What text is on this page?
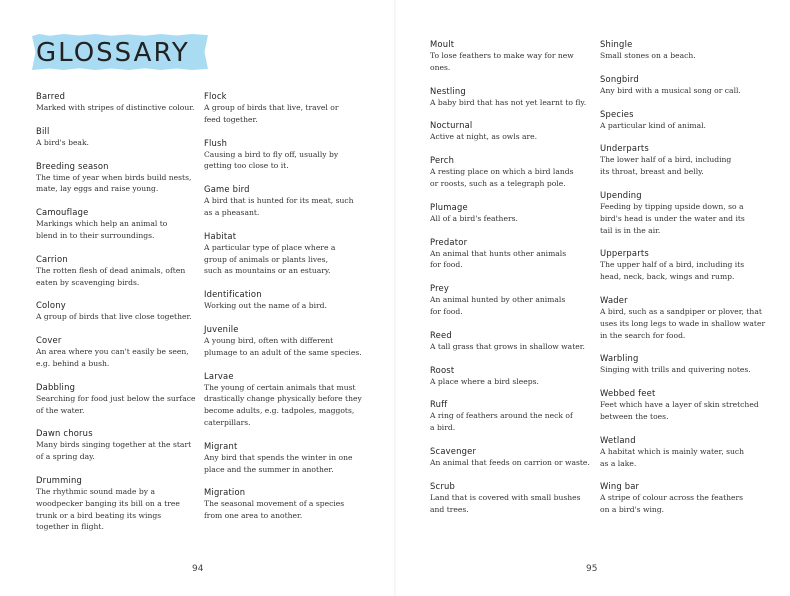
GLOSSARY
Barred
Marked with stripes of distinctive colour.
Bill
A bird's beak.
Breeding season
The time of year when birds build nests,
mate, lay eggs and raise young.
Camouflage
Markings which help an animal to
blend in to their surroundings.
Carrion
The rotten flesh of dead animals, often
eaten by scavenging birds.
Colony
A group of birds that live close together.
Cover
An area where you can't easily be seen,
e.g. behind a bush.
Dabbling
Searching for food just below the surface
of the water.
Dawn chorus
Many birds singing together at the start
of a spring day.
Drumming
The rhythmic sound made by a
woodpecker banging its bill on a tree
trunk or a bird beating its wings
together in flight.
Flock
A group of birds that live, travel or
feed together.
Flush
Causing a bird to fly off, usually by
getting too close to it.
Game bird
A bird that is hunted for its meat, such
as a pheasant.
Habitat
A particular type of place where a
group of animals or plants lives,
such as mountains or an estuary.
Identification
Working out the name of a bird.
Juvenile
A young bird, often with different
plumage to an adult of the same species.
Larvae
The young of certain animals that must
drastically change physically before they
become adults, e.g. tadpoles, maggots,
caterpillars.
Migrant
Any bird that spends the winter in one
place and the summer in another.
Migration
The seasonal movement of a species
from one area to another.
Moult
To lose feathers to make way for new
ones.
Nestling
A baby bird that has not yet learnt to fly.
Nocturnal
Active at night, as owls are.
Perch
A resting place on which a bird lands
or roosts, such as a telegraph pole.
Plumage
All of a bird's feathers.
Predator
An animal that hunts other animals
for food.
Prey
An animal hunted by other animals
for food.
Reed
A tall grass that grows in shallow water.
Roost
A place where a bird sleeps.
Ruff
A ring of feathers around the neck of
a bird.
Scavenger
An animal that feeds on carrion or waste.
Scrub
Land that is covered with small bushes
and trees.
Shingle
Small stones on a beach.
Songbird
Any bird with a musical song or call.
Species
A particular kind of animal.
Underparts
The lower half of a bird, including
its throat, breast and belly.
Upending
Feeding by tipping upside down, so a
bird's head is under the water and its
tail is in the air.
Upperparts
The upper half of a bird, including its
head, neck, back, wings and rump.
Wader
A bird, such as a sandpiper or plover, that
uses its long legs to wade in shallow water
in the search for food.
Warbling
Singing with trills and quivering notes.
Webbed feet
Feet which have a layer of skin stretched
between the toes.
Wetland
A habitat which is mainly water, such
as a lake.
Wing bar
A stripe of colour across the feathers
on a bird's wing.
94	95
